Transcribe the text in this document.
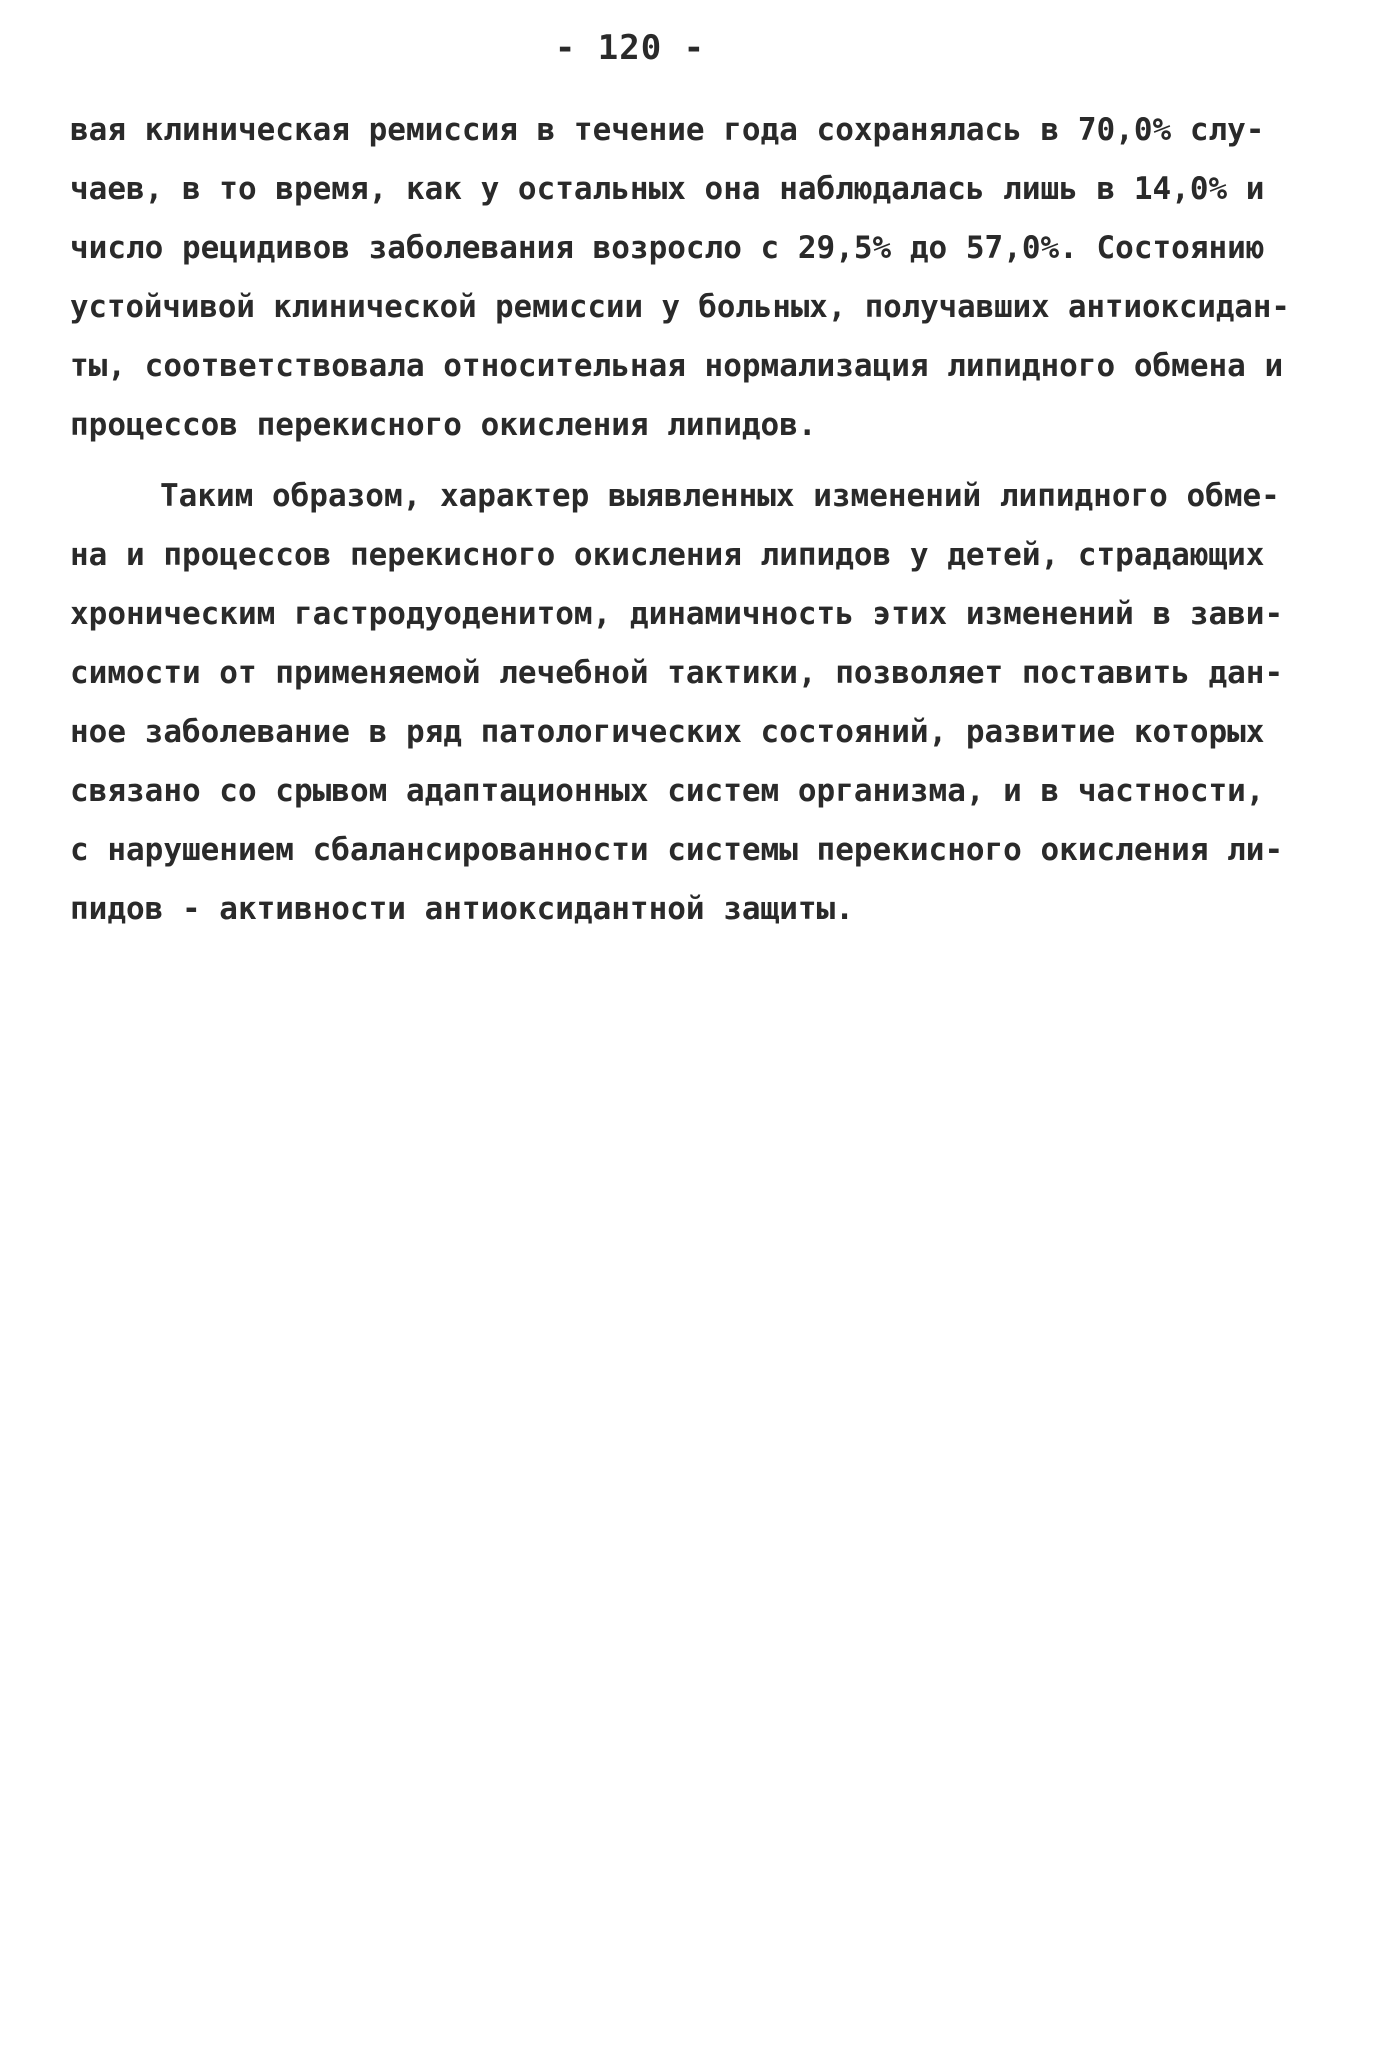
- 120 -
вая клиническая ремиссия в течение года сохранялась в 70,0% слу-
чаев, в то время, как у остальных она наблюдалась лишь в 14,0% и
число рецидивов заболевания возросло с 29,5% до 57,0%. Состоянию
устойчивой клинической ремиссии у больных, получавших антиоксидан-
ты, соответствовала относительная нормализация липидного обмена и
процессов перекисного окисления липидов.
Таким образом, характер выявленных изменений липидного обме-
на и процессов перекисного окисления липидов у детей, страдающих
хроническим гастродуоденитом, динамичность этих изменений в зави-
симости от применяемой лечебной тактики, позволяет поставить дан-
ное заболевание в ряд патологических состояний, развитие которых
связано со срывом адаптационных систем организма, и в частности,
с нарушением сбалансированности системы перекисного окисления ли-
пидов - активности антиоксидантной защиты.
